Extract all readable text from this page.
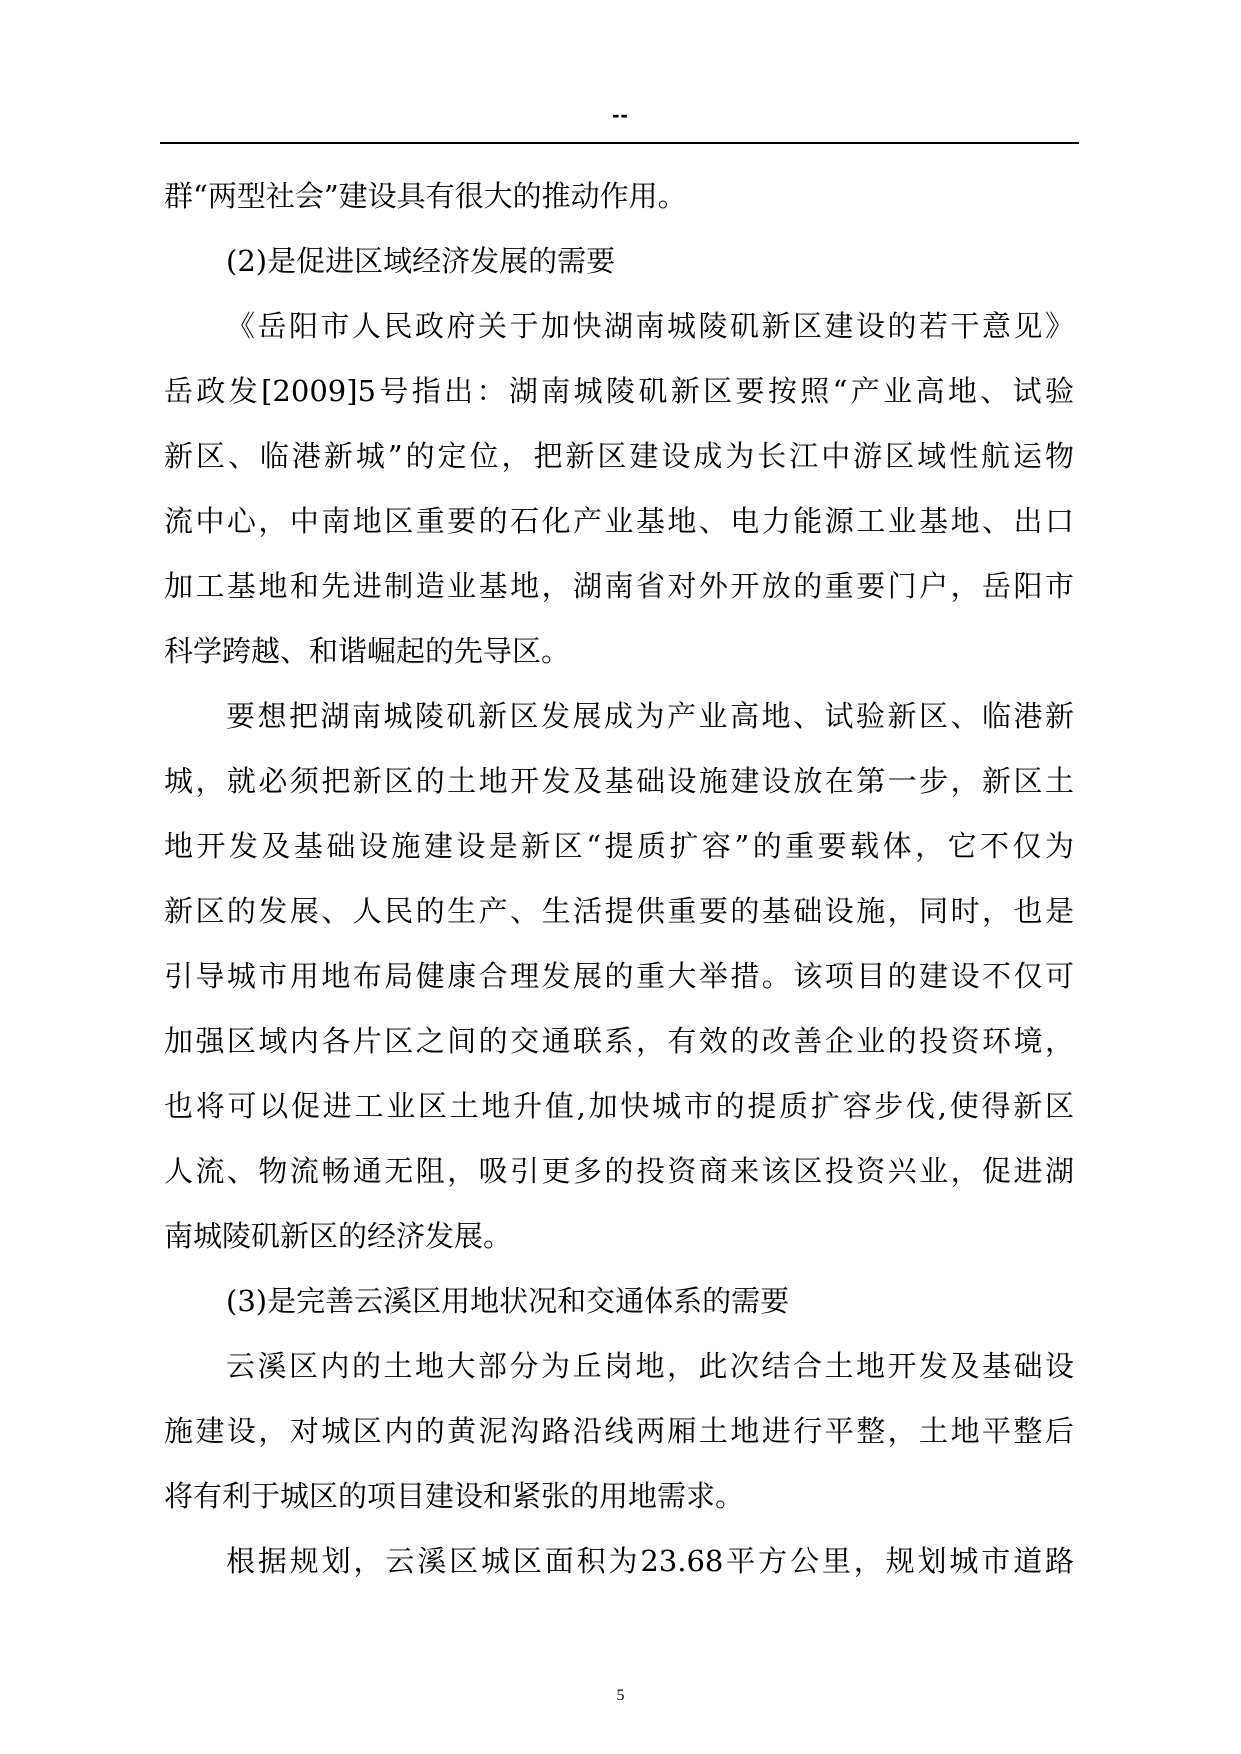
--
群“两型社会”建设具有很大的推动作用。
(2)是促进区域经济发展的需要
《岳阳市人民政府关于加快湖南城陵矶新区建设的若干意见》
岳政发[2009]5号指出：湖南城陵矶新区要按照“产业高地、试验
新区、临港新城”的定位，把新区建设成为长江中游区域性航运物
流中心，中南地区重要的石化产业基地、电力能源工业基地、出口
加工基地和先进制造业基地，湖南省对外开放的重要门户，岳阳市
科学跨越、和谐崛起的先导区。
要想把湖南城陵矶新区发展成为产业高地、试验新区、临港新
城，就必须把新区的土地开发及基础设施建设放在第一步，新区土
地开发及基础设施建设是新区“提质扩容”的重要载体，它不仅为
新区的发展、人民的生产、生活提供重要的基础设施，同时，也是
引导城市用地布局健康合理发展的重大举措。该项目的建设不仅可
加强区域内各片区之间的交通联系，有效的改善企业的投资环境，
也将可以促进工业区土地升值,加快城市的提质扩容步伐,使得新区
人流、物流畅通无阻，吸引更多的投资商来该区投资兴业，促进湖
南城陵矶新区的经济发展。
(3)是完善云溪区用地状况和交通体系的需要
云溪区内的土地大部分为丘岗地，此次结合土地开发及基础设
施建设，对城区内的黄泥沟路沿线两厢土地进行平整，土地平整后
将有利于城区的项目建设和紧张的用地需求。
根据规划，云溪区城区面积为23.68平方公里，规划城市道路
5
